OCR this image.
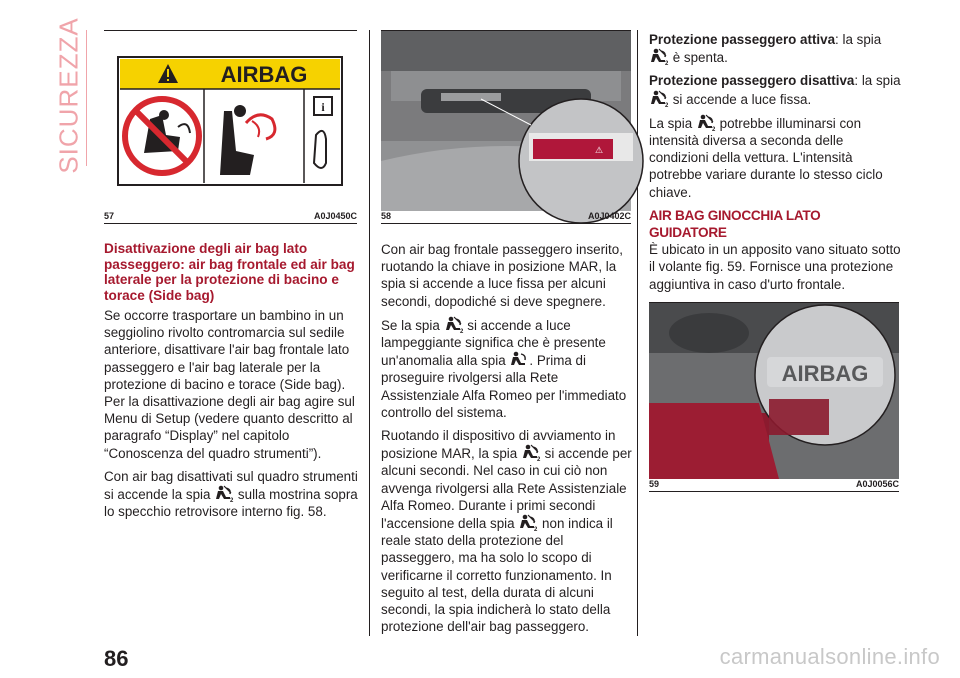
SICUREZZA	AIRBAG
i
57	A0J0450C
⚠
58	A0J0402C
AIRBAG
59	A0J0056C
Disattivazione degli air bag lato passeggero: air bag frontale ed air bag laterale per la protezione di bacino e torace (Side bag)

Se occorre trasportare un bambino in un seggiolino rivolto contromarcia sul sedile anteriore, disattivare l'air bag frontale lato passeggero e l'air bag laterale per la protezione di bacino e torace (Side bag). Per la disattivazione degli air bag agire sul Menu di Setup (vedere quanto descritto al paragrafo “Display” nel capitolo “Conoscenza del quadro strumenti”).

Con air bag disattivati sul quadro strumenti si accende la spia	2 sulla mostrina sopra lo specchio retrovisore interno fig. 58.

Con air bag frontale passeggero inserito, ruotando la chiave in posizione MAR, la spia si accende a luce fissa per alcuni secondi, dopodiché si deve spegnere.

Se la spia	2 si accende a luce lampeggiante significa che è presente un'anomalia alla spia . Prima di proseguire rivolgersi alla Rete Assistenziale Alfa Romeo per l'immediato controllo del sistema.

Ruotando il dispositivo di avviamento in posizione MAR, la spia	2 si accende per alcuni secondi. Nel caso in cui ciò non avvenga rivolgersi alla Rete Assistenziale Alfa Romeo. Durante i primi secondi l'accensione della spia	2 non indica il reale stato della protezione del passeggero, ma ha solo lo scopo di verificarne il corretto funzionamento. In seguito al test, della durata di alcuni secondi, la spia indicherà lo stato della protezione dell'air bag passeggero.

Protezione passeggero attiva: la spia
2 è spenta.

Protezione passeggero disattiva: la spia
2 si accende a luce fissa.

La spia	2 potrebbe illuminarsi con intensità diversa a seconda delle condizioni della vettura. L'intensità potrebbe variare durante lo stesso ciclo chiave.

AIR BAG GINOCCHIA LATO GUIDATORE

È ubicato in un apposito vano situato sotto il volante fig. 59. Fornisce una protezione aggiuntiva in caso d'urto frontale.

86	carmanualsonline.info
